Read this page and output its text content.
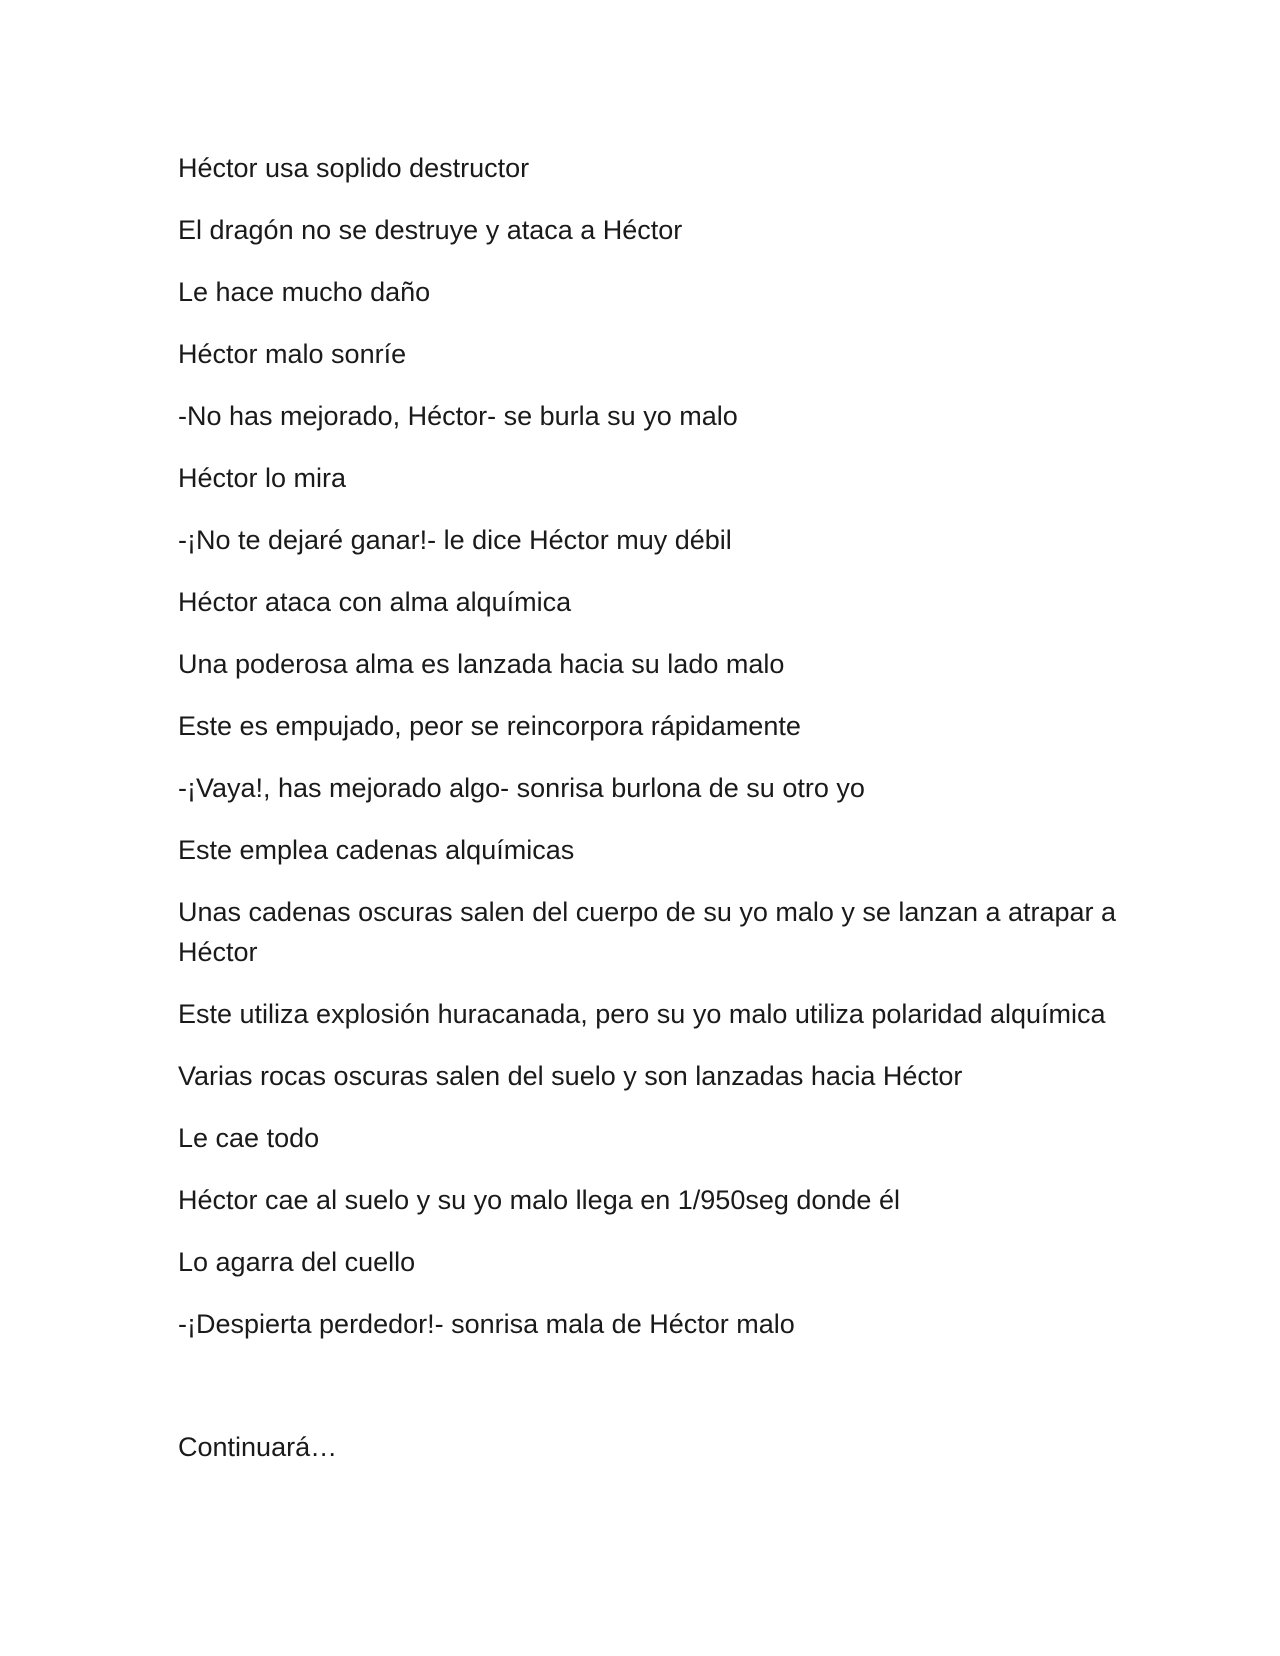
Héctor usa soplido destructor

El dragón no se destruye y ataca a Héctor

Le hace mucho daño

Héctor malo sonríe

-No has mejorado, Héctor- se burla su yo malo

Héctor lo mira

-¡No te dejaré ganar!- le dice Héctor muy débil

Héctor ataca con alma alquímica

Una poderosa alma es lanzada hacia su lado malo

Este es empujado, peor se reincorpora rápidamente

-¡Vaya!, has mejorado algo- sonrisa burlona de su otro yo

Este emplea cadenas alquímicas

Unas cadenas oscuras salen del cuerpo de su yo malo y se lanzan a atrapar a Héctor

Este utiliza explosión huracanada, pero su yo malo utiliza polaridad alquímica

Varias rocas oscuras salen del suelo y son lanzadas hacia Héctor

Le cae todo

Héctor cae al suelo y su yo malo llega en 1/950seg donde él

Lo agarra del cuello

-¡Despierta perdedor!- sonrisa mala de Héctor malo

Continuará…
